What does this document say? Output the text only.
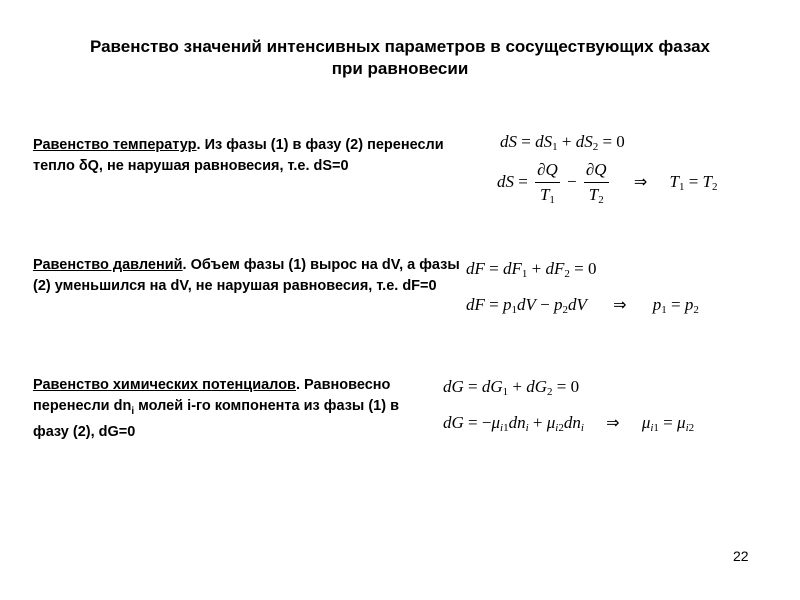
Равенство значений интенсивных параметров в сосуществующих фазах
при равновесии
Равенство температур. Из фазы (1) в фазу (2) перенесли тепло δQ, не нарушая равновесия, т.е. dS=0
dS = $dS_1 + dS_2 = 0$
dS = $\frac{\partial Q}{T_1} - \frac{\partial Q}{T_2}$ ⇒ $T_1 = T_2$
Равенство давлений. Объем фазы (1) вырос на dV, а фазы (2) уменьшился на dV, не нарушая равновесия, т.е. dF=0
dF = $dF_1 + dF_2 = 0$
dF = $p_1dV - p_2dV$ ⇒ $p_1 = p_2$
Равенство химических потенциалов. Равновесно перенесли $dn_i$ молей i-го компонента из фазы (1) в фазу (2), dG=0
dG = $dG_1 + dG_2 = 0$
dG = $-\mu_{i1}dn_i + \mu_{i2}dn_i$ ⇒ $\mu_{i1} = \mu_{i2}$
22
